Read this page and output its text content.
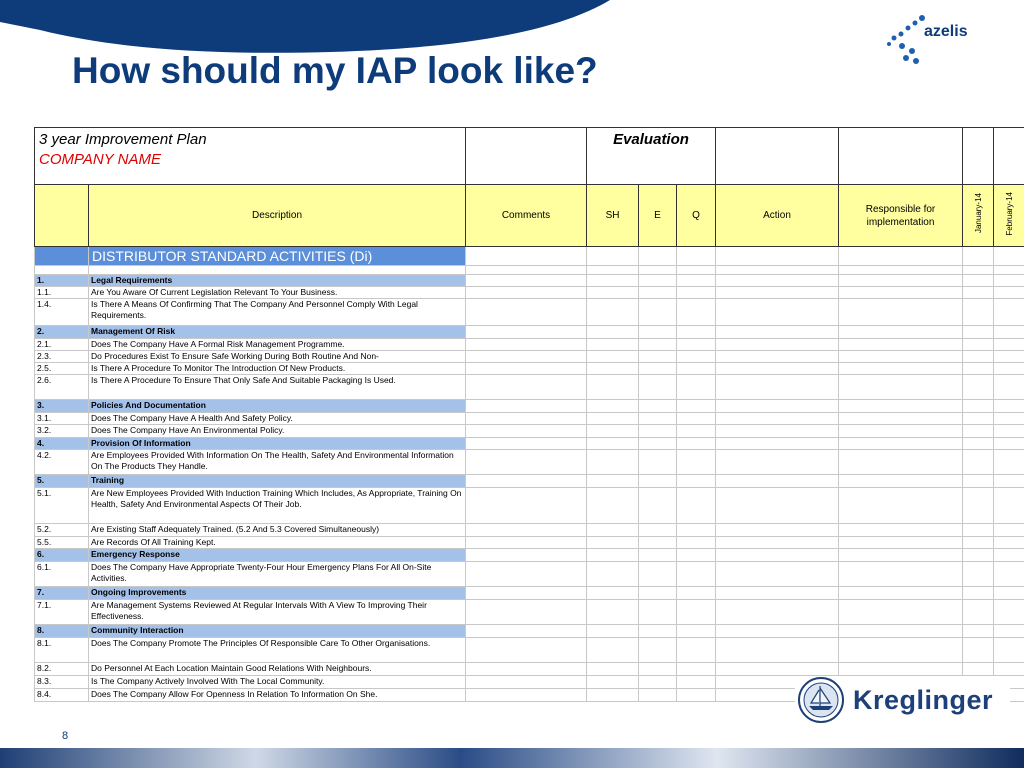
How should my IAP look like?
azelis
3 year Improvement Plan
COMPANY NAME			Evaluation						

	Description	Comments	SH	E	Q	Action	Responsible for implementation	January-14	February-14
	DISTRIBUTOR STANDARD ACTIVITIES (Di)								

1.	Legal Requirements								
1.1.	Are You Aware Of Current Legislation Relevant To Your Business.								
1.4.	Is There A Means Of Confirming That The Company And Personnel Comply With Legal Requirements.								
2.	Management Of Risk								
2.1.	Does The Company Have A Formal Risk Management Programme.								
2.3.	Do Procedures Exist To Ensure Safe Working During Both Routine And Non-								
2.5.	Is There A Procedure To Monitor The Introduction Of New Products.								
2.6.	Is There A Procedure To Ensure That Only Safe And Suitable Packaging Is Used.								
3.	Policies And Documentation								
3.1.	Does The Company Have A Health And Safety Policy.								
3.2.	Does The Company Have An Environmental Policy.								
4.	Provision Of Information								
4.2.	Are Employees Provided With Information On The Health, Safety And Environmental Information On The Products They Handle.								
5.	Training								
5.1.	Are New Employees Provided With Induction Training Which Includes, As Appropriate, Training On Health, Safety And Environmental Aspects Of Their Job.								
5.2.	Are Existing Staff Adequately Trained. (5.2 And 5.3 Covered Simultaneously)								
5.5.	Are Records Of All Training Kept.								
6.	Emergency Response								
6.1.	Does The Company Have Appropriate Twenty-Four Hour Emergency Plans For All On-Site Activities.								
7.	Ongoing Improvements								
7.1.	Are Management Systems Reviewed At Regular Intervals With A View To Improving Their Effectiveness.								
8.	Community Interaction								
8.1.	Does The Company Promote The Principles Of Responsible Care To Other Organisations.								
8.2.	Do Personnel At Each Location Maintain Good Relations With Neighbours.								
8.3.	Is The Company Actively Involved With The Local Community.								
8.4.	Does The Company Allow For Openness In Relation To Information On She.								
8
Kreglinger
